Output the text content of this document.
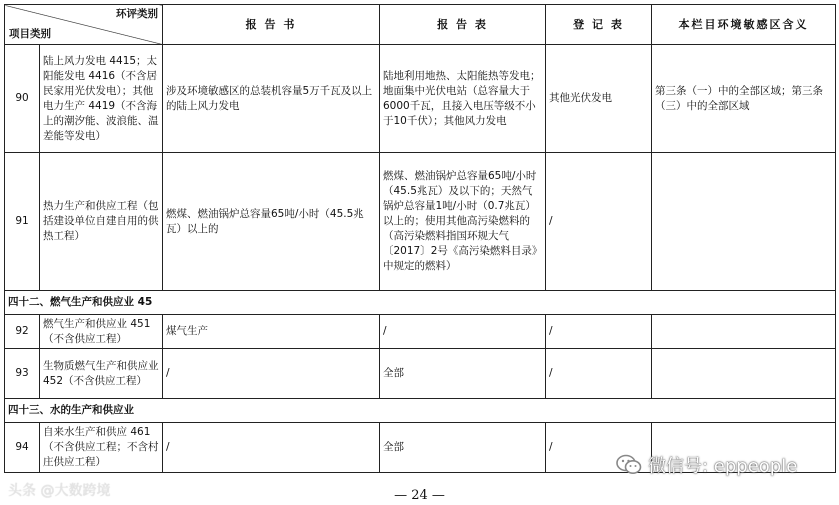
环评类别
项目类别		报 告 书	报 告 表	登 记 表	本栏目环境敏感区含义
90	陆上风力发电 4415；太阳能发电 4416（不含居民家用光伏发电）；其他电力生产 4419（不含海上的潮汐能、波浪能、温差能等发电）	涉及环境敏感区的总装机容量5万千瓦及以上的陆上风力发电	陆地利用地热、太阳能热等发电；地面集中光伏电站（总容量大于6000千瓦，且接入电压等级不小于10千伏）；其他风力发电	其他光伏发电	第三条（一）中的全部区域；第三条（三）中的全部区域
91	热力生产和供应工程（包括建设单位自建自用的供热工程）	燃煤、燃油锅炉总容量65吨/小时（45.5兆瓦）以上的	燃煤、燃油锅炉总容量65吨/小时（45.5兆瓦）及以下的；天然气锅炉总容量1吨/小时（0.7兆瓦）以上的；使用其他高污染燃料的（高污染燃料指国环规大气〔2017〕2号《高污染燃料目录》中规定的燃料）	/	
四十二、燃气生产和供应业 45					
92	燃气生产和供应业 451（不含供应工程）	煤气生产	/	/	
93	生物质燃气生产和供应业 452（不含供应工程）	/	全部	/	
四十三、水的生产和供应业					
94	自来水生产和供应 461（不含供应工程；不含村庄供应工程）	/	全部	/	
微信号: eppeople
头条 @大数跨境	— 24 —
